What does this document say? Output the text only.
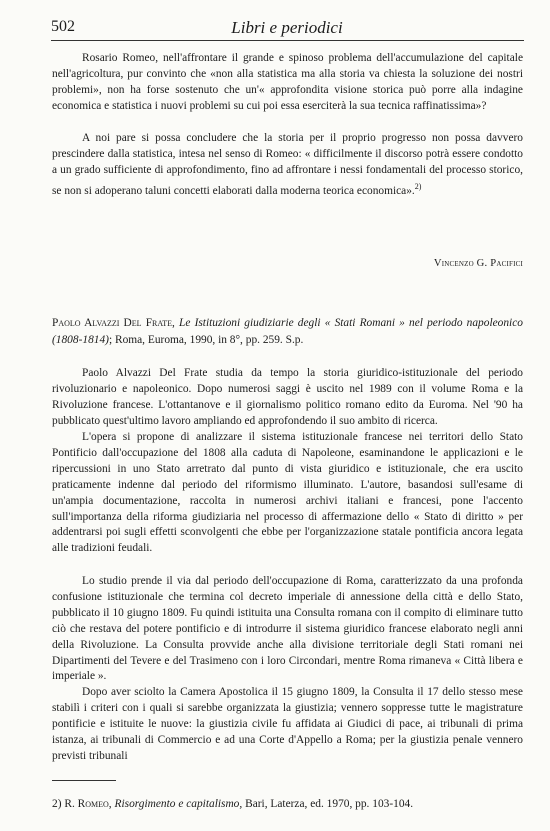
502	Libri e periodici

Rosario Romeo, nell'affrontare il grande e spinoso problema dell'accumulazione del capitale nell'agricoltura, pur convinto che «non alla statistica ma alla storia va chiesta la soluzione dei nostri problemi», non ha forse sostenuto che un'« approfondita visione storica può porre alla indagine economica e statistica i nuovi problemi su cui poi essa eserciterà la sua tecnica raffinatissima»?

A noi pare si possa concludere che la storia per il proprio progresso non possa davvero prescindere dalla statistica, intesa nel senso di Romeo: « difficilmente il discorso potrà essere condotto a un grado sufficiente di approfondimento, fino ad affrontare i nessi fondamentali del processo storico, se non si adoperano taluni concetti elaborati dalla moderna teorica economica».$^{2)}$

Vincenzo G. Pacifici
Paolo Alvazzi Del Frate, Le Istituzioni giudiziarie degli « Stati Romani » nel periodo napoleonico (1808-1814); Roma, Euroma, 1990, in 8°, pp. 259. S.p.

Paolo Alvazzi Del Frate studia da tempo la storia giuridico-istituzionale del periodo rivoluzionario e napoleonico. Dopo numerosi saggi è uscito nel 1989 con il volume Roma e la Rivoluzione francese. L'ottantanove e il giornalismo politico romano edito da Euroma. Nel '90 ha pubblicato quest'ultimo lavoro ampliando ed approfondendo il suo ambito di ricerca.

L'opera si propone di analizzare il sistema istituzionale francese nei territori dello Stato Pontificio dall'occupazione del 1808 alla caduta di Napoleone, esaminandone le applicazioni e le ripercussioni in uno Stato arretrato dal punto di vista giuridico e istituzionale, che era uscito praticamente indenne dal periodo del riformismo illuminato. L'autore, basandosi sull'esame di un'ampia documentazione, raccolta in numerosi archivi italiani e francesi, pone l'accento sull'importanza della riforma giudiziaria nel processo di affermazione dello « Stato di diritto » per addentrarsi poi sugli effetti sconvolgenti che ebbe per l'organizzazione statale pontificia ancora legata alle tradizioni feudali.

Lo studio prende il via dal periodo dell'occupazione di Roma, caratterizzato da una profonda confusione istituzionale che termina col decreto imperiale di annessione della città e dello Stato, pubblicato il 10 giugno 1809. Fu quindi istituita una Consulta romana con il compito di eliminare tutto ciò che restava del potere pontificio e di introdurre il sistema giuridico francese elaborato negli anni della Rivoluzione. La Consulta provvide anche alla divisione territoriale degli Stati romani nei Dipartimenti del Tevere e del Trasimeno con i loro Circondari, mentre Roma rimaneva « Città libera e imperiale ».

Dopo aver sciolto la Camera Apostolica il 15 giugno 1809, la Consulta il 17 dello stesso mese stabilì i criteri con i quali si sarebbe organizzata la giustizia; vennero soppresse tutte le magistrature pontificie e istituite le nuove: la giustizia civile fu affidata ai Giudici di pace, ai tribunali di prima istanza, ai tribunali di Commercio e ad una Corte d'Appello a Roma; per la giustizia penale vennero previsti tribunali

2) R. Romeo, Risorgimento e capitalismo, Bari, Laterza, ed. 1970, pp. 103-104.
